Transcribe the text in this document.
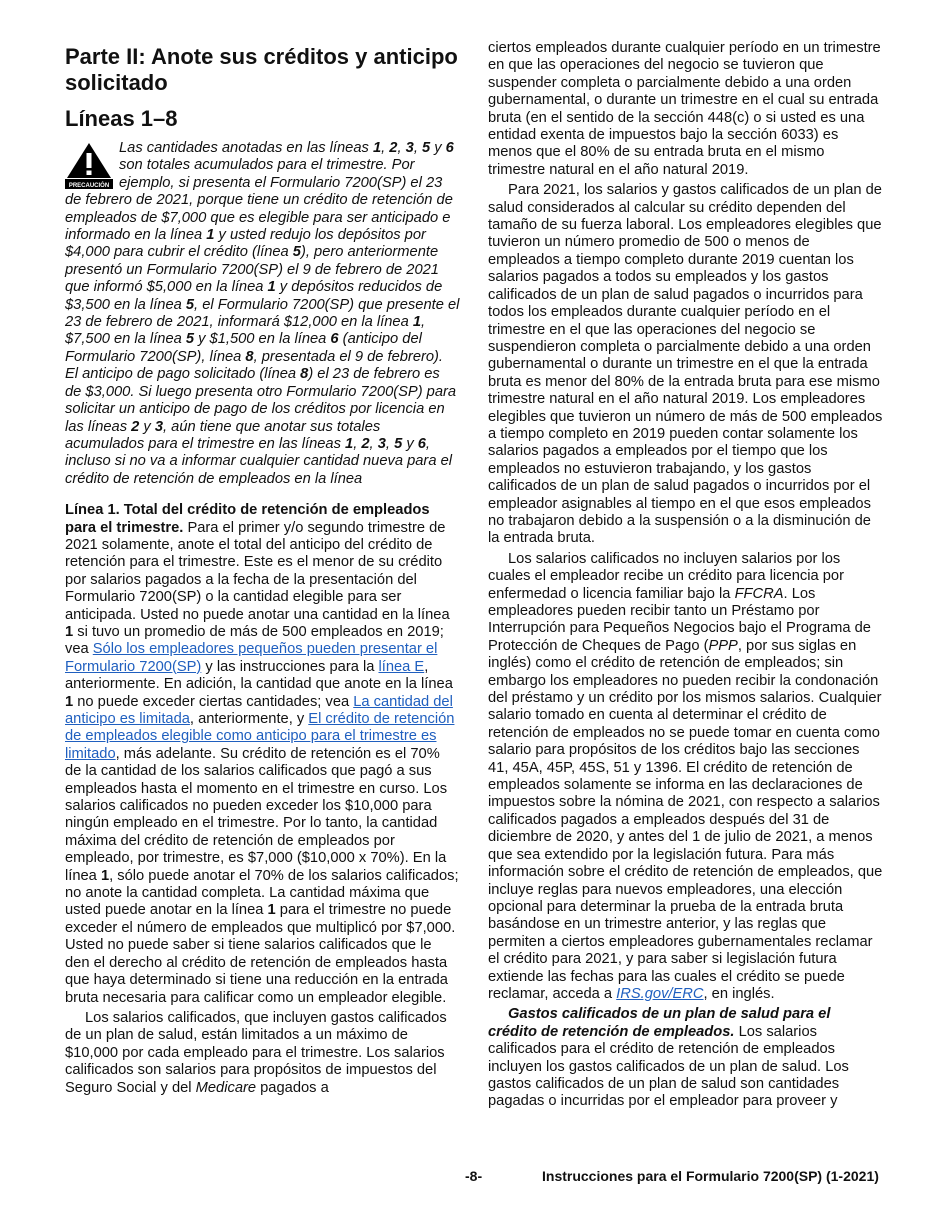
Parte II: Anote sus créditos y anticipo solicitado
Líneas 1–8

PRECAUCIÓN
Las cantidades anotadas en las líneas 1, 2, 3, 5 y 6 son totales acumulados para el trimestre. Por ejemplo, si presenta el Formulario 7200(SP) el 23 de febrero de 2021, porque tiene un crédito de retención de empleados de $7,000 que es elegible para ser anticipado e informado en la línea 1 y usted redujo los depósitos por $4,000 para cubrir el crédito (línea 5), pero anteriormente presentó un Formulario 7200(SP) el 9 de febrero de 2021 que informó $5,000 en la línea 1 y depósitos reducidos de $3,500 en la línea 5, el Formulario 7200(SP) que presente el 23 de febrero de 2021, informará $12,000 en la línea 1, $7,500 en la línea 5 y $1,500 en la línea 6 (anticipo del Formulario 7200(SP), línea 8, presentada el 9 de febrero). El anticipo de pago solicitado (línea 8) el 23 de febrero es de $3,000. Si luego presenta otro Formulario 7200(SP) para solicitar un anticipo de pago de los créditos por licencia en las líneas 2 y 3, aún tiene que anotar sus totales acumulados para el trimestre en las líneas 1, 2, 3, 5 y 6, incluso si no va a informar cualquier cantidad nueva para el crédito de retención de empleados en la línea

Línea 1. Total del crédito de retención de empleados para el trimestre. Para el primer y/o segundo trimestre de 2021 solamente, anote el total del anticipo del crédito de retención para el trimestre. Este es el menor de su crédito por salarios pagados a la fecha de la presentación del Formulario 7200(SP) o la cantidad elegible para ser anticipada. Usted no puede anotar una cantidad en la línea 1 si tuvo un promedio de más de 500 empleados en 2019; vea Sólo los empleadores pequeños pueden presentar el Formulario 7200(SP) y las instrucciones para la línea E, anteriormente. En adición, la cantidad que anote en la línea 1 no puede exceder ciertas cantidades; vea La cantidad del anticipo es limitada, anteriormente, y El crédito de retención de empleados elegible como anticipo para el trimestre es limitado, más adelante. Su crédito de retención es el 70% de la cantidad de los salarios calificados que pagó a sus empleados hasta el momento en el trimestre en curso. Los salarios calificados no pueden exceder los $10,000 para ningún empleado en el trimestre. Por lo tanto, la cantidad máxima del crédito de retención de empleados por empleado, por trimestre, es $7,000 ($10,000 x 70%). En la línea 1, sólo puede anotar el 70% de los salarios calificados; no anote la cantidad completa. La cantidad máxima que usted puede anotar en la línea 1 para el trimestre no puede exceder el número de empleados que multiplicó por $7,000. Usted no puede saber si tiene salarios calificados que le den el derecho al crédito de retención de empleados hasta que haya determinado si tiene una reducción en la entrada bruta necesaria para calificar como un empleador elegible.

Los salarios calificados, que incluyen gastos calificados de un plan de salud, están limitados a un máximo de $10,000 por cada empleado para el trimestre. Los salarios calificados son salarios para propósitos de impuestos del Seguro Social y del Medicare pagados a

ciertos empleados durante cualquier período en un trimestre en que las operaciones del negocio se tuvieron que suspender completa o parcialmente debido a una orden gubernamental, o durante un trimestre en el cual su entrada bruta (en el sentido de la sección 448(c) o si usted es una entidad exenta de impuestos bajo la sección 6033) es menos que el 80% de su entrada bruta en el mismo trimestre natural en el año natural 2019.

Para 2021, los salarios y gastos calificados de un plan de salud considerados al calcular su crédito dependen del tamaño de su fuerza laboral. Los empleadores elegibles que tuvieron un número promedio de 500 o menos de empleados a tiempo completo durante 2019 cuentan los salarios pagados a todos su empleados y los gastos calificados de un plan de salud pagados o incurridos para todos los empleados durante cualquier período en el trimestre en el que las operaciones del negocio se suspendieron completa o parcialmente debido a una orden gubernamental o durante un trimestre en el que la entrada bruta es menor del 80% de la entrada bruta para ese mismo trimestre natural en el año natural 2019. Los empleadores elegibles que tuvieron un número de más de 500 empleados a tiempo completo en 2019 pueden contar solamente los salarios pagados a empleados por el tiempo que los empleados no estuvieron trabajando, y los gastos calificados de un plan de salud pagados o incurridos por el empleador asignables al tiempo en el que esos empleados no trabajaron debido a la suspensión o a la disminución de la entrada bruta.

Los salarios calificados no incluyen salarios por los cuales el empleador recibe un crédito para licencia por enfermedad o licencia familiar bajo la FFCRA. Los empleadores pueden recibir tanto un Préstamo por Interrupción para Pequeños Negocios bajo el Programa de Protección de Cheques de Pago (PPP, por sus siglas en inglés) como el crédito de retención de empleados; sin embargo los empleadores no pueden recibir la condonación del préstamo y un crédito por los mismos salarios. Cualquier salario tomado en cuenta al determinar el crédito de retención de empleados no se puede tomar en cuenta como salario para propósitos de los créditos bajo las secciones 41, 45A, 45P, 45S, 51 y 1396. El crédito de retención de empleados solamente se informa en las declaraciones de impuestos sobre la nómina de 2021, con respecto a salarios calificados pagados a empleados después del 31 de diciembre de 2020, y antes del 1 de julio de 2021, a menos que sea extendido por la legislación futura. Para más información sobre el crédito de retención de empleados, que incluye reglas para nuevos empleadores, una elección opcional para determinar la prueba de la entrada bruta basándose en un trimestre anterior, y las reglas que permiten a ciertos empleadores gubernamentales reclamar el crédito para 2021, y para saber si legislación futura extiende las fechas para las cuales el crédito se puede reclamar, acceda a IRS.gov/ERC, en inglés.

Gastos calificados de un plan de salud para el crédito de retención de empleados. Los salarios calificados para el crédito de retención de empleados incluyen los gastos calificados de un plan de salud. Los gastos calificados de un plan de salud son cantidades pagadas o incurridas por el empleador para proveer y

-8-	Instrucciones para el Formulario 7200(SP) (1-2021)
